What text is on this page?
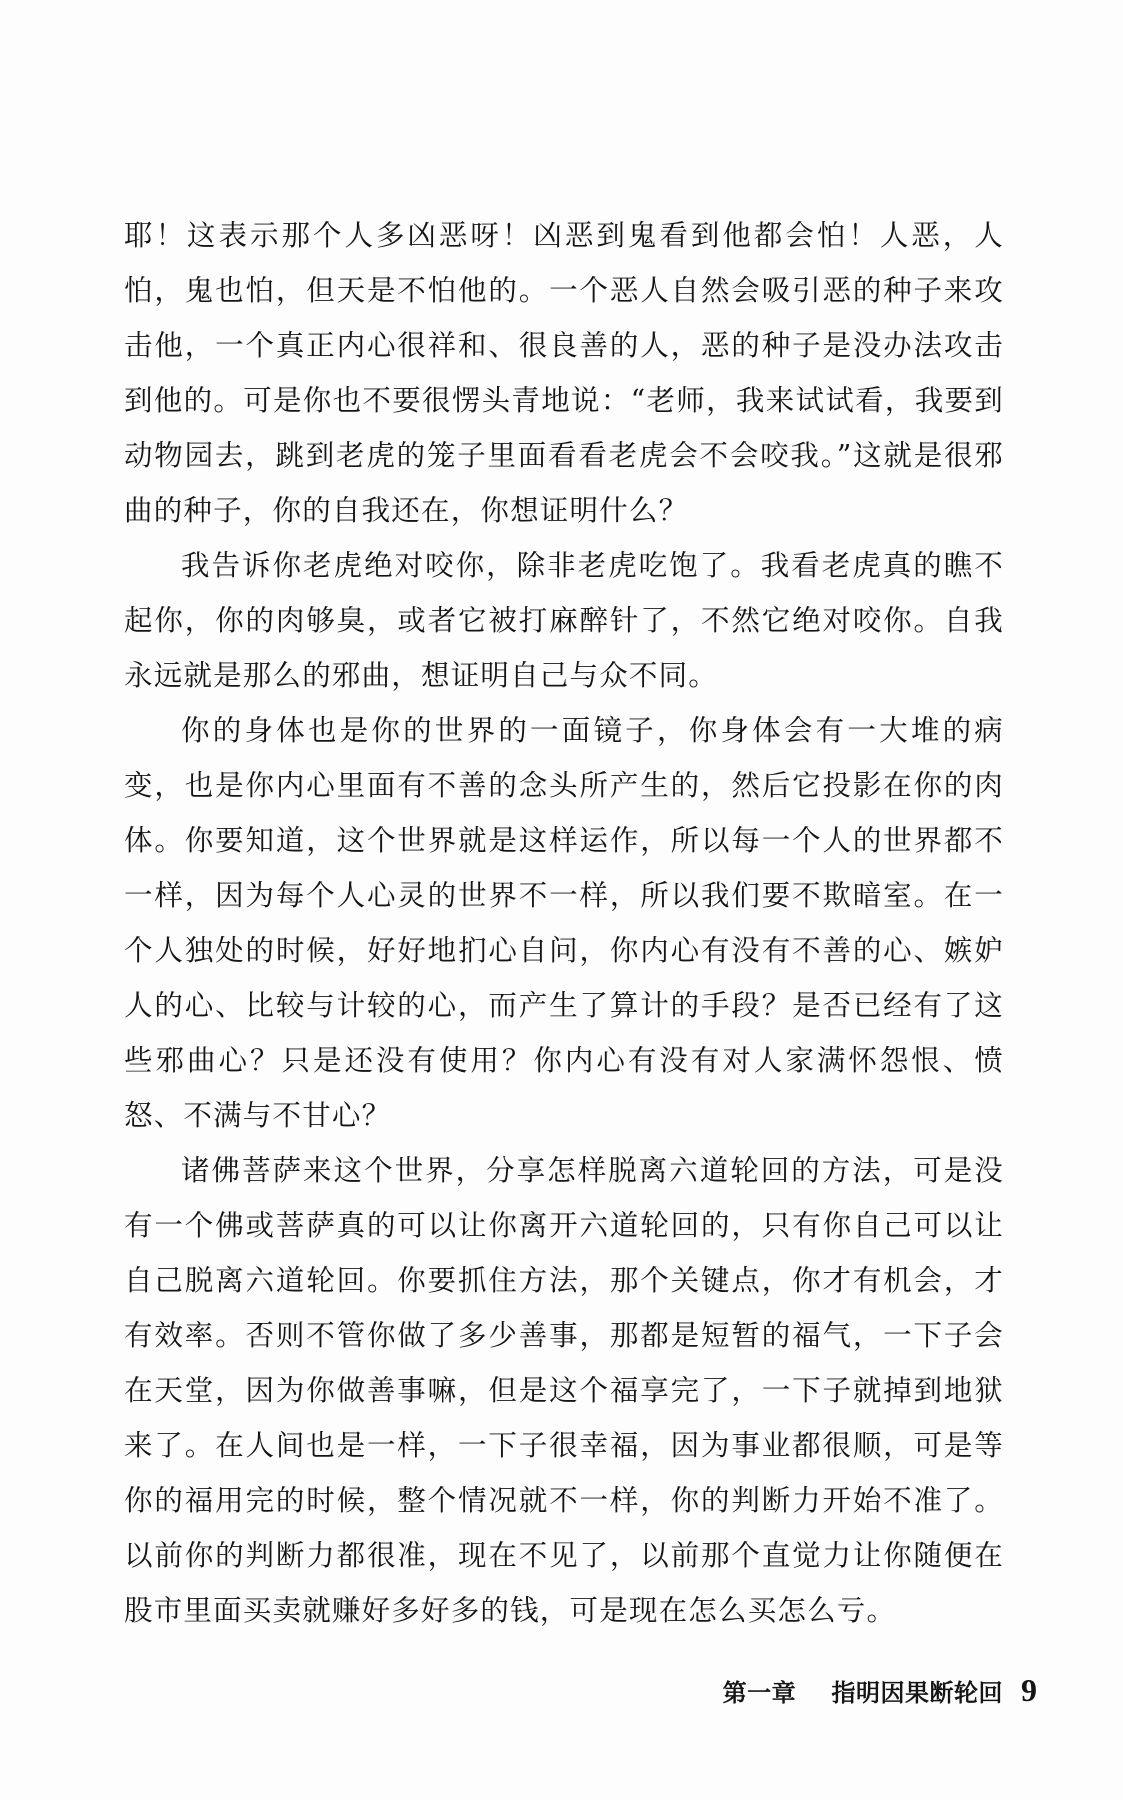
耶！这表示那个人多凶恶呀！凶恶到鬼看到他都会怕！人恶，人怕，鬼也怕，但天是不怕他的。一个恶人自然会吸引恶的种子来攻击他，一个真正内心很祥和、很良善的人，恶的种子是没办法攻击到他的。可是你也不要很愣头青地说：“老师，我来试试看，我要到动物园去，跳到老虎的笼子里面看看老虎会不会咬我。”这就是很邪曲的种子，你的自我还在，你想证明什么？

我告诉你老虎绝对咬你，除非老虎吃饱了。我看老虎真的瞧不起你，你的肉够臭，或者它被打麻醉针了，不然它绝对咬你。自我永远就是那么的邪曲，想证明自己与众不同。

你的身体也是你的世界的一面镜子，你身体会有一大堆的病变，也是你内心里面有不善的念头所产生的，然后它投影在你的肉体。你要知道，这个世界就是这样运作，所以每一个人的世界都不一样，因为每个人心灵的世界不一样，所以我们要不欺暗室。在一个人独处的时候，好好地扪心自问，你内心有没有不善的心、嫉妒人的心、比较与计较的心，而产生了算计的手段？是否已经有了这些邪曲心？只是还没有使用？你内心有没有对人家满怀怨恨、愤怒、不满与不甘心？

诸佛菩萨来这个世界，分享怎样脱离六道轮回的方法，可是没有一个佛或菩萨真的可以让你离开六道轮回的，只有你自己可以让自己脱离六道轮回。你要抓住方法，那个关键点，你才有机会，才有效率。否则不管你做了多少善事，那都是短暂的福气，一下子会在天堂，因为你做善事嘛，但是这个福享完了，一下子就掉到地狱来了。在人间也是一样，一下子很幸福，因为事业都很顺，可是等你的福用完的时候，整个情况就不一样，你的判断力开始不准了。以前你的判断力都很准，现在不见了，以前那个直觉力让你随便在股市里面买卖就赚好多好多的钱，可是现在怎么买怎么亏。

第一章    指明因果断轮回 9
